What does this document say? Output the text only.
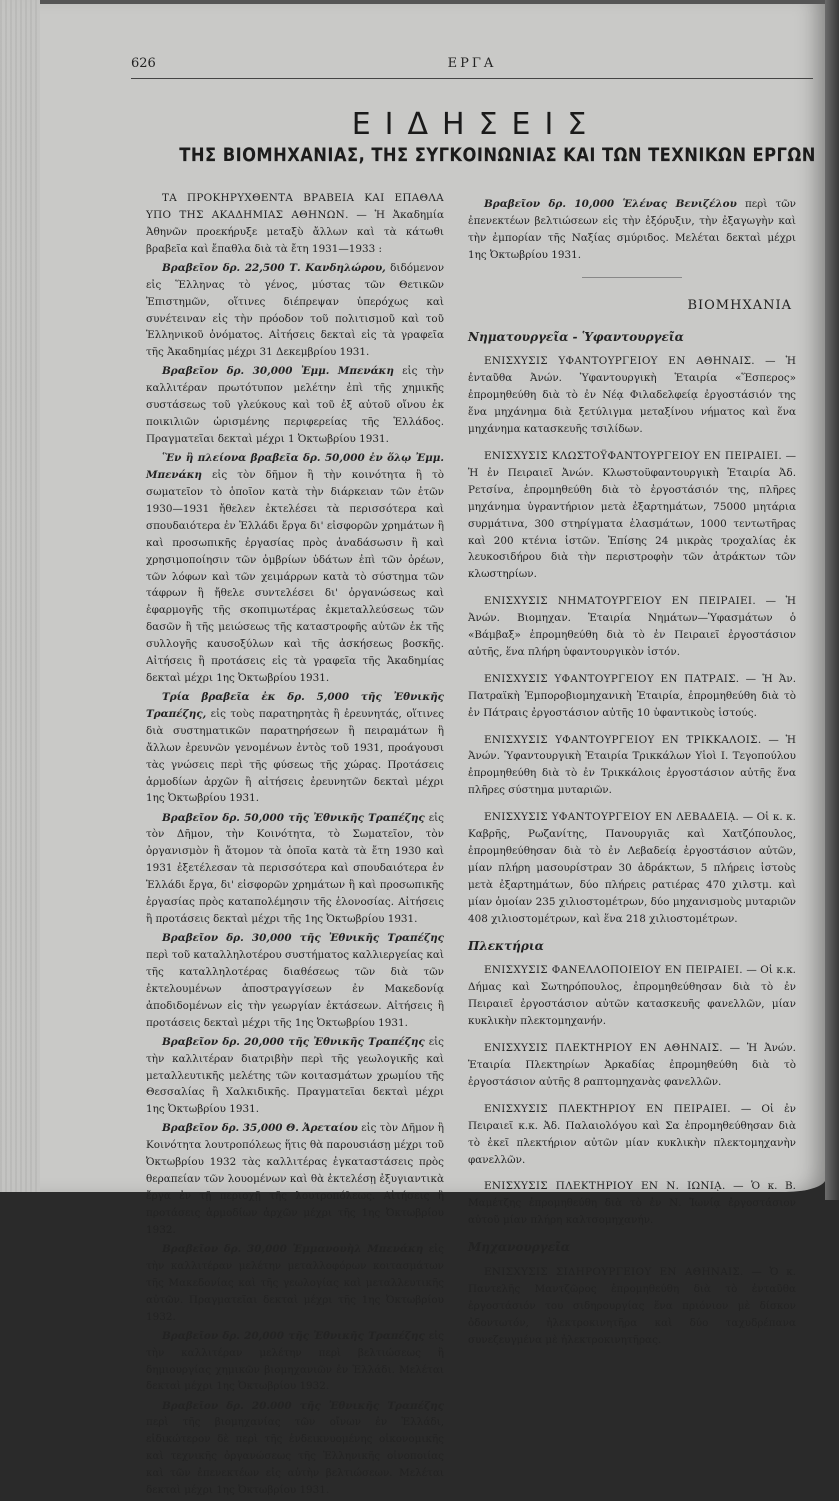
626	ΕΡΓΑ
ΕΙΔΗΣΕΙΣ
ΤΗΣ ΒΙΟΜΗΧΑΝΙΑΣ, ΤΗΣ ΣΥΓΚΟΙΝΩΝΙΑΣ ΚΑΙ ΤΩΝ ΤΕΧΝΙΚΩΝ ΕΡΓΩΝ

ΤΑ ΠΡΟΚΗΡΥΧΘΕΝΤΑ ΒΡΑΒΕΙΑ ΚΑΙ ΕΠΑΘΛΑ ΥΠΟ ΤΗΣ ΑΚΑΔΗΜΙΑΣ ΑΘΗΝΩΝ. — Ἡ Ἀκαδημία Ἀθηνῶν προεκήρυξε μεταξὺ ἄλλων καὶ τὰ κάτωθι βραβεῖα καὶ ἔπαθλα διὰ τὰ ἔτη 1931—1933 :

Βραβεῖον δρ. 22,500 Τ. Κανδηλώρου, διδόμενον εἰς Ἕλληνας τὸ γένος, μύστας τῶν Θετικῶν Ἐπιστημῶν, οἵτινες διέπρεψαν ὑπερόχως καὶ συνέτειναν εἰς τὴν πρόοδον τοῦ πολιτισμοῦ καὶ τοῦ Ἑλληνικοῦ ὀνόματος. Αἰτήσεις δεκταὶ εἰς τὰ γραφεῖα τῆς Ἀκαδημίας μέχρι 31 Δεκεμβρίου 1931.

Βραβεῖον δρ. 30,000 Ἐμμ. Μπενάκη εἰς τὴν καλλιτέραν πρωτότυπον μελέτην ἐπὶ τῆς χημικῆς συστάσεως τοῦ γλεύκους καὶ τοῦ ἐξ αὐτοῦ οἴνου ἐκ ποικιλιῶν ὡρισμένης περιφερείας τῆς Ἑλλάδος. Πραγματεῖαι δεκταὶ μέχρι 1 Ὀκτωβρίου 1931.

Ἓν ἢ πλείονα βραβεῖα δρ. 50,000 ἐν ὅλῳ Ἐμμ. Μπενάκη εἰς τὸν δῆμον ἢ τὴν κοινότητα ἢ τὸ σωματεῖον τὸ ὁποῖον κατὰ τὴν διάρκειαν τῶν ἐτῶν 1930—1931 ἤθελεν ἐκτελέσει τὰ περισσότερα καὶ σπουδαιότερα ἐν Ἑλλάδι ἔργα δι' εἰσφορῶν χρημάτων ἢ καὶ προσωπικῆς ἐργασίας πρὸς ἀναδάσωσιν ἢ καὶ χρησιμοποίησιν τῶν ὀμβρίων ὑδάτων ἐπὶ τῶν ὀρέων, τῶν λόφων καὶ τῶν χειμάρρων κατὰ τὸ σύστημα τῶν τάφρων ἢ ἤθελε συντελέσει δι' ὀργανώσεως καὶ ἐφαρμογῆς τῆς σκοπιμωτέρας ἐκμεταλλεύσεως τῶν δασῶν ἢ τῆς μειώσεως τῆς καταστροφῆς αὐτῶν ἐκ τῆς συλλογῆς καυσοξύλων καὶ τῆς ἀσκήσεως βοσκῆς. Αἰτήσεις ἢ προτάσεις εἰς τὰ γραφεῖα τῆς Ἀκαδημίας δεκταὶ μέχρι 1ης Ὀκτωβρίου 1931.

Τρία βραβεῖα ἐκ δρ. 5,000 τῆς Ἐθνικῆς Τραπέζης, εἰς τοὺς παρατηρητὰς ἢ ἐρευνητάς, οἵτινες διὰ συστηματικῶν παρατηρήσεων ἢ πειραμάτων ἢ ἄλλων ἐρευνῶν γενομένων ἐντὸς τοῦ 1931, προάγουσι τὰς γνώσεις περὶ τῆς φύσεως τῆς χώρας. Προτάσεις ἁρμοδίων ἀρχῶν ἢ αἰτήσεις ἐρευνητῶν δεκταὶ μέχρι 1ης Ὀκτωβρίου 1931.

Βραβεῖον δρ. 50,000 τῆς Ἐθνικῆς Τραπέζης εἰς τὸν Δῆμον, τὴν Κοινότητα, τὸ Σωματεῖον, τὸν ὀργανισμὸν ἢ ἄτομον τὰ ὁποῖα κατὰ τὰ ἔτη 1930 καὶ 1931 ἐξετέλεσαν τὰ περισσότερα καὶ σπουδαιότερα ἐν Ἑλλάδι ἔργα, δι' εἰσφορῶν χρημάτων ἢ καὶ προσωπικῆς ἐργασίας πρὸς καταπολέμησιν τῆς ἑλονοσίας. Αἰτήσεις ἢ προτάσεις δεκταὶ μέχρι τῆς 1ης Ὀκτωβρίου 1931.

Βραβεῖον δρ. 30,000 τῆς Ἐθνικῆς Τραπέζης περὶ τοῦ καταλληλοτέρου συστήματος καλλιεργείας καὶ τῆς καταλληλοτέρας διαθέσεως τῶν διὰ τῶν ἐκτελουμένων ἀποστραγγίσεων ἐν Μακεδονίᾳ ἀποδιδομένων εἰς τὴν γεωργίαν ἐκτάσεων. Αἰτήσεις ἢ προτάσεις δεκταὶ μέχρι τῆς 1ης Ὀκτωβρίου 1931.

Βραβεῖον δρ. 20,000 τῆς Ἐθνικῆς Τραπέζης εἰς τὴν καλλιτέραν διατριβὴν περὶ τῆς γεωλογικῆς καὶ μεταλλευτικῆς μελέτης τῶν κοιτασμάτων χρωμίου τῆς Θεσσαλίας ἢ Χαλκιδικῆς. Πραγματεῖαι δεκταὶ μέχρι 1ης Ὀκτωβρίου 1931.

Βραβεῖον δρ. 35,000 Θ. Ἀρεταίου εἰς τὸν Δῆμον ἢ Κοινότητα λουτροπόλεως ἥτις θὰ παρουσιάσῃ μέχρι τοῦ Ὀκτωβρίου 1932 τὰς καλλιτέρας ἐγκαταστάσεις πρὸς θεραπείαν τῶν λουομένων καὶ θὰ ἐκτελέσῃ ἐξυγιαντικὰ ἔργα ἐν τῇ περιοχῇ τῆς λουτροπόλεως. Αἰτήσεις ἢ προτάσεις ἁρμοδίων ἀρχῶν μέχρι τῆς 1ης Ὀκτωβρίου 1932.

Βραβεῖον δρ. 30,000 Ἐμμανουὴλ Μπενάκη εἰς τὴν καλλιτέραν μελέτην μεταλλοφόρων κοιτασμάτων τῆς Μακεδονίας καὶ τῆς γεωλογίας καὶ μεταλλευτικῆς αὐτῶν. Πραγματεῖαι δεκταὶ μέχρι τῆς 1ης Ὀκτωβρίου 1932.

Βραβεῖον δρ. 20,000 τῆς Ἐθνικῆς Τραπέζης εἰς τὴν καλλιτέραν μελέτην περὶ βελτιώσεως ἢ δημιουργίας χημικῶν βιομηχανιῶν ἐν Ἑλλάδι. Μελέται δεκταὶ μέχρι 1ης Ὀκτωβρίου 1932.

Βραβεῖον δρ. 20.000 τῆς Ἐθνικῆς Τραπέζης περὶ τῆς βιομηχανίας τῶν οἴνων ἐν Ἑλλάδι, εἰδικώτερον δὲ περὶ τῆς ἐνδεικνυομένης οἰκονομικῆς καὶ τεχνικῆς ὀργανώσεως τῆς Ἑλληνικῆς οἰνοποιίας καὶ τῶν ἐπενεκτέων εἰς αὐτὴν βελτιώσεων. Μελέται δεκταὶ μέχρι 1ης Ὀκτωβρίου 1931.

Βραβεῖον δρ. 10,000 Ἑλένας Βενιζέλου περὶ τῶν ἐπενεκτέων βελτιώσεων εἰς τὴν ἐξόρυξιν, τὴν ἐξαγωγὴν καὶ τὴν ἐμπορίαν τῆς Ναξίας σμύριδος. Μελέται δεκταὶ μέχρι 1ης Ὀκτωβρίου 1931.

ΒΙΟΜΗΧΑΝΙΑ
Νηματουργεῖα - Ὑφαντουργεῖα

ΕΝΙΣΧΥΣΙΣ ΥΦΑΝΤΟΥΡΓΕΙΟΥ ΕΝ ΑΘΗΝΑΙΣ. — Ἡ ἐνταῦθα Ἀνών. Ὑφαντουργικὴ Ἑταιρία «Ἕσπερος» ἐπρομηθεύθη διὰ τὸ ἐν Νέᾳ Φιλαδελφείᾳ ἐργοστάσιόν της ἕνα μηχάνημα διὰ ξετύλιγμα μεταξίνου νήματος καὶ ἕνα μηχάνημα κατασκευῆς τσιλίδων.

ΕΝΙΣΧΥΣΙΣ ΚΛΩΣΤΟΫΦΑΝΤΟΥΡΓΕΙΟΥ ΕΝ ΠΕΙΡΑΙΕΙ. — Ἡ ἐν Πειραιεῖ Ἀνών. Κλωστοϋφαντουργικὴ Ἑταιρία Ἀδ. Ρετσίνα, ἐπρομηθεύθη διὰ τὸ ἐργοστάσιόν της, πλῆρες μηχάνημα ὑγραντήριον μετὰ ἐξαρτημάτων, 75000 μητάρια συρμάτινα, 300 στηρίγματα ἐλασμάτων, 1000 τεντωτῆρας καὶ 200 κτένια ἱστῶν. Ἐπίσης 24 μικρὰς τροχαλίας ἐκ λευκοσιδήρου διὰ τὴν περιστροφὴν τῶν ἀτράκτων τῶν κλωστηρίων.

ΕΝΙΣΧΥΣΙΣ ΝΗΜΑΤΟΥΡΓΕΙΟΥ ΕΝ ΠΕΙΡΑΙΕΙ. — Ἡ Ἀνών. Βιομηχαν. Ἑταιρία Νημάτων—Ὑφασμάτων ὁ «Βάμβαξ» ἐπρομηθεύθη διὰ τὸ ἐν Πειραιεῖ ἐργοστάσιον αὐτῆς, ἕνα πλήρη ὑφαντουργικὸν ἱστόν.

ΕΝΙΣΧΥΣΙΣ ΥΦΑΝΤΟΥΡΓΕΙΟΥ ΕΝ ΠΑΤΡΑΙΣ. — Ἡ Ἀν. Πατραϊκὴ Ἐμποροβιομηχανικὴ Ἑταιρία, ἐπρομηθεύθη διὰ τὸ ἐν Πάτραις ἐργοστάσιον αὐτῆς 10 ὑφαντικοὺς ἱστούς.

ΕΝΙΣΧΥΣΙΣ ΥΦΑΝΤΟΥΡΓΕΙΟΥ ΕΝ ΤΡΙΚΚΑΛΟΙΣ. — Ἡ Ἀνών. Ὑφαντουργικὴ Ἑταιρία Τρικκάλων Υἱοὶ Ι. Τεγοπούλου ἐπρομηθεύθη διὰ τὸ ἐν Τρικκάλοις ἐργοστάσιον αὐτῆς ἕνα πλῆρες σύστημα μυταριῶν.

ΕΝΙΣΧΥΣΙΣ ΥΦΑΝΤΟΥΡΓΕΙΟΥ ΕΝ ΛΕΒΑΔΕΙᾼ. — Οἱ κ. κ. Καβρῆς, Ρωζανίτης, Πανουργιᾶς καὶ Χατζόπουλος, ἐπρομηθεύθησαν διὰ τὸ ἐν Λεβαδείᾳ ἐργοστάσιον αὐτῶν, μίαν πλήρη μασουρίστραν 30 ἀδράκτων, 5 πλήρεις ἱστοὺς μετὰ ἐξαρτημάτων, δύο πλήρεις ρατιέρας 470 χιλστμ. καὶ μίαν ὁμοίαν 235 χιλιοστομέτρων, δύο μηχανισμοὺς μυταριῶν 408 χιλιοστομέτρων, καὶ ἕνα 218 χιλιοστομέτρων.

Πλεκτήρια

ΕΝΙΣΧΥΣΙΣ ΦΑΝΕΛΛΟΠΟΙΕΙΟΥ ΕΝ ΠΕΙΡΑΙΕΙ. — Οἱ κ.κ. Δήμας καὶ Σωτηρόπουλος, ἐπρομηθεύθησαν διὰ τὸ ἐν Πειραιεῖ ἐργοστάσιον αὐτῶν κατασκευῆς φανελλῶν, μίαν κυκλικὴν πλεκτομηχανήν.

ΕΝΙΣΧΥΣΙΣ ΠΛΕΚΤΗΡΙΟΥ ΕΝ ΑΘΗΝΑΙΣ. — Ἡ Ἀνών. Ἑταιρία Πλεκτηρίων Ἀρκαδίας ἐπρομηθεύθη διὰ τὸ ἐργοστάσιον αὐτῆς 8 ραπτομηχανὰς φανελλῶν.

ΕΝΙΣΧΥΣΙΣ ΠΛΕΚΤΗΡΙΟΥ ΕΝ ΠΕΙΡΑΙΕΙ. — Οἱ ἐν Πειραιεῖ κ.κ. Ἀδ. Παλαιολόγου καὶ Σα ἐπρομηθεύθησαν διὰ τὸ ἐκεῖ πλεκτήριον αὐτῶν μίαν κυκλικὴν πλεκτομηχανὴν φανελλῶν.

ΕΝΙΣΧΥΣΙΣ ΠΛΕΚΤΗΡΙΟΥ ΕΝ Ν. ΙΩΝΙᾼ. — Ὁ κ. Β. Μαμέτζης ἐπρομηθεύθη διὰ τὸ ἐν Ν. Ἰωνίᾳ ἐργοστάσιον αὐτοῦ μίαν πλήρη καλτσομηχανήν.

Μηχανουργεῖα

ΕΝΙΣΧΥΣΙΣ ΣΙΔΗΡΟΥΡΓΕΙΟΥ ΕΝ ΑΘΗΝΑΙΣ. — Ὁ κ. Παντελῆς Μαντζῶρος ἐπρομηθεύθη διὰ τὸ ἐνταῦθα ἐργοστάσιόν του σιδηρουργίας ἕνα πριόνιον μὲ δίσκον ὀδοντωτόν, ἠλεκτροκινητῆρα καὶ δύο ταχυδρέπανα συνεζευγμένα μὲ ἠλεκτροκινητῆρας.
